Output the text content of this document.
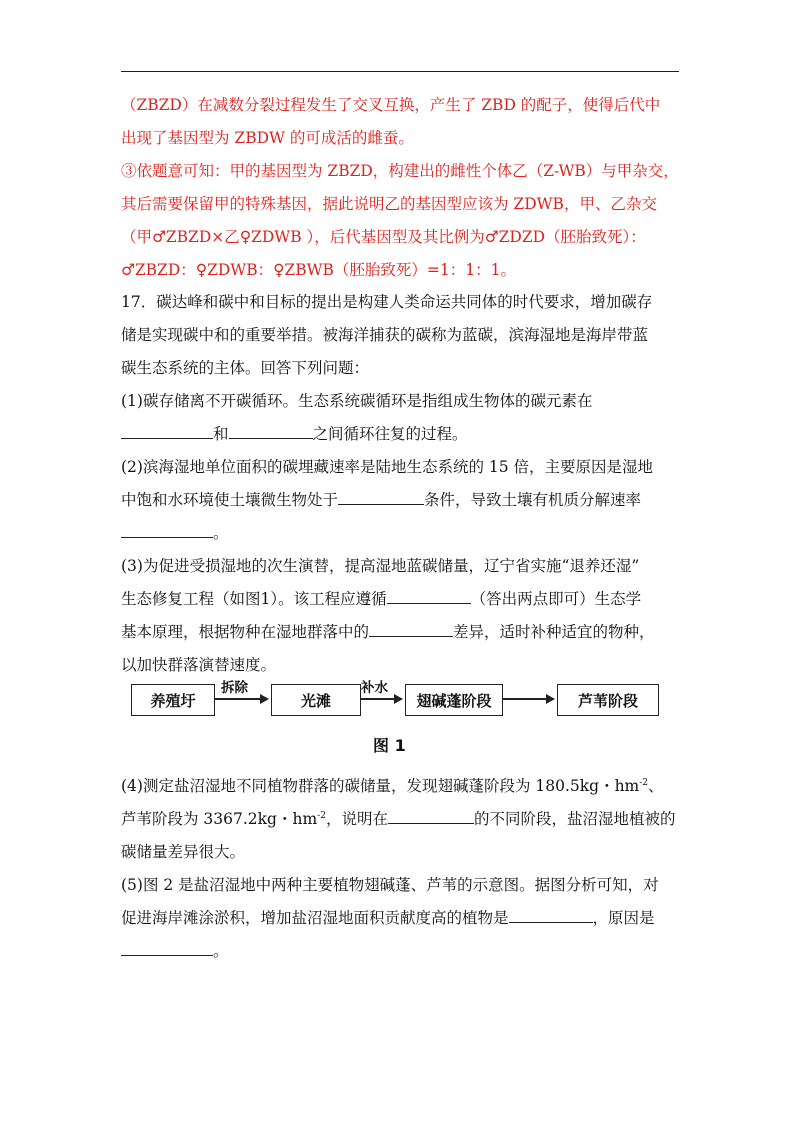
（ZBZD）在减数分裂过程发生了交叉互换，产生了 ZBD 的配子，使得后代中
出现了基因型为 ZBDW 的可成活的雌蚕。
③依题意可知：甲的基因型为 ZBZD，构建出的雌性个体乙（Z-WB）与甲杂交，
其后需要保留甲的特殊基因，据此说明乙的基因型应该为 ZDWB，甲、乙杂交
（甲♂ZBZD×乙♀ZDWB ），后代基因型及其比例为♂ZDZD（胚胎致死）：
♂ZBZD：♀ZDWB：♀ZBWB（胚胎致死）=1：1：1。
17．碳达峰和碳中和目标的提出是构建人类命运共同体的时代要求，增加碳存
储是实现碳中和的重要举措。被海洋捕获的碳称为蓝碳，滨海湿地是海岸带蓝
碳生态系统的主体。回答下列问题：
(1)碳存储离不开碳循环。生态系统碳循环是指组成生物体的碳元素在
和	之间循环往复的过程。
(2)滨海湿地单位面积的碳埋藏速率是陆地生态系统的 15 倍，主要原因是湿地
中饱和水环境使土壤微生物处于	条件，导致土壤有机质分解速率
。
(3)为促进受损湿地的次生演替，提高湿地蓝碳储量，辽宁省实施“退养还湿”
生态修复工程（如图1）。该工程应遵循	（答出两点即可）生态学
基本原理，根据物种在湿地群落中的	差异，适时补种适宜的物种，
以加快群落演替速度。
(4)测定盐沼湿地不同植物群落的碳储量，发现翅碱蓬阶段为 180.5kg・$hm^{-2}$、
芦苇阶段为 3367.2kg・$hm^{-2}$，说明在	的不同阶段，盐沼湿地植被的
碳储量差异很大。
(5)图 2 是盐沼湿地中两种主要植物翅碱蓬、芦苇的示意图。据图分析可知，对
促进海岸滩涂淤积，增加盐沼湿地面积贡献度高的植物是	，原因是
。
养殖圩
拆除
光滩
补水
翅碱蓬阶段	芦苇阶段
图 1
